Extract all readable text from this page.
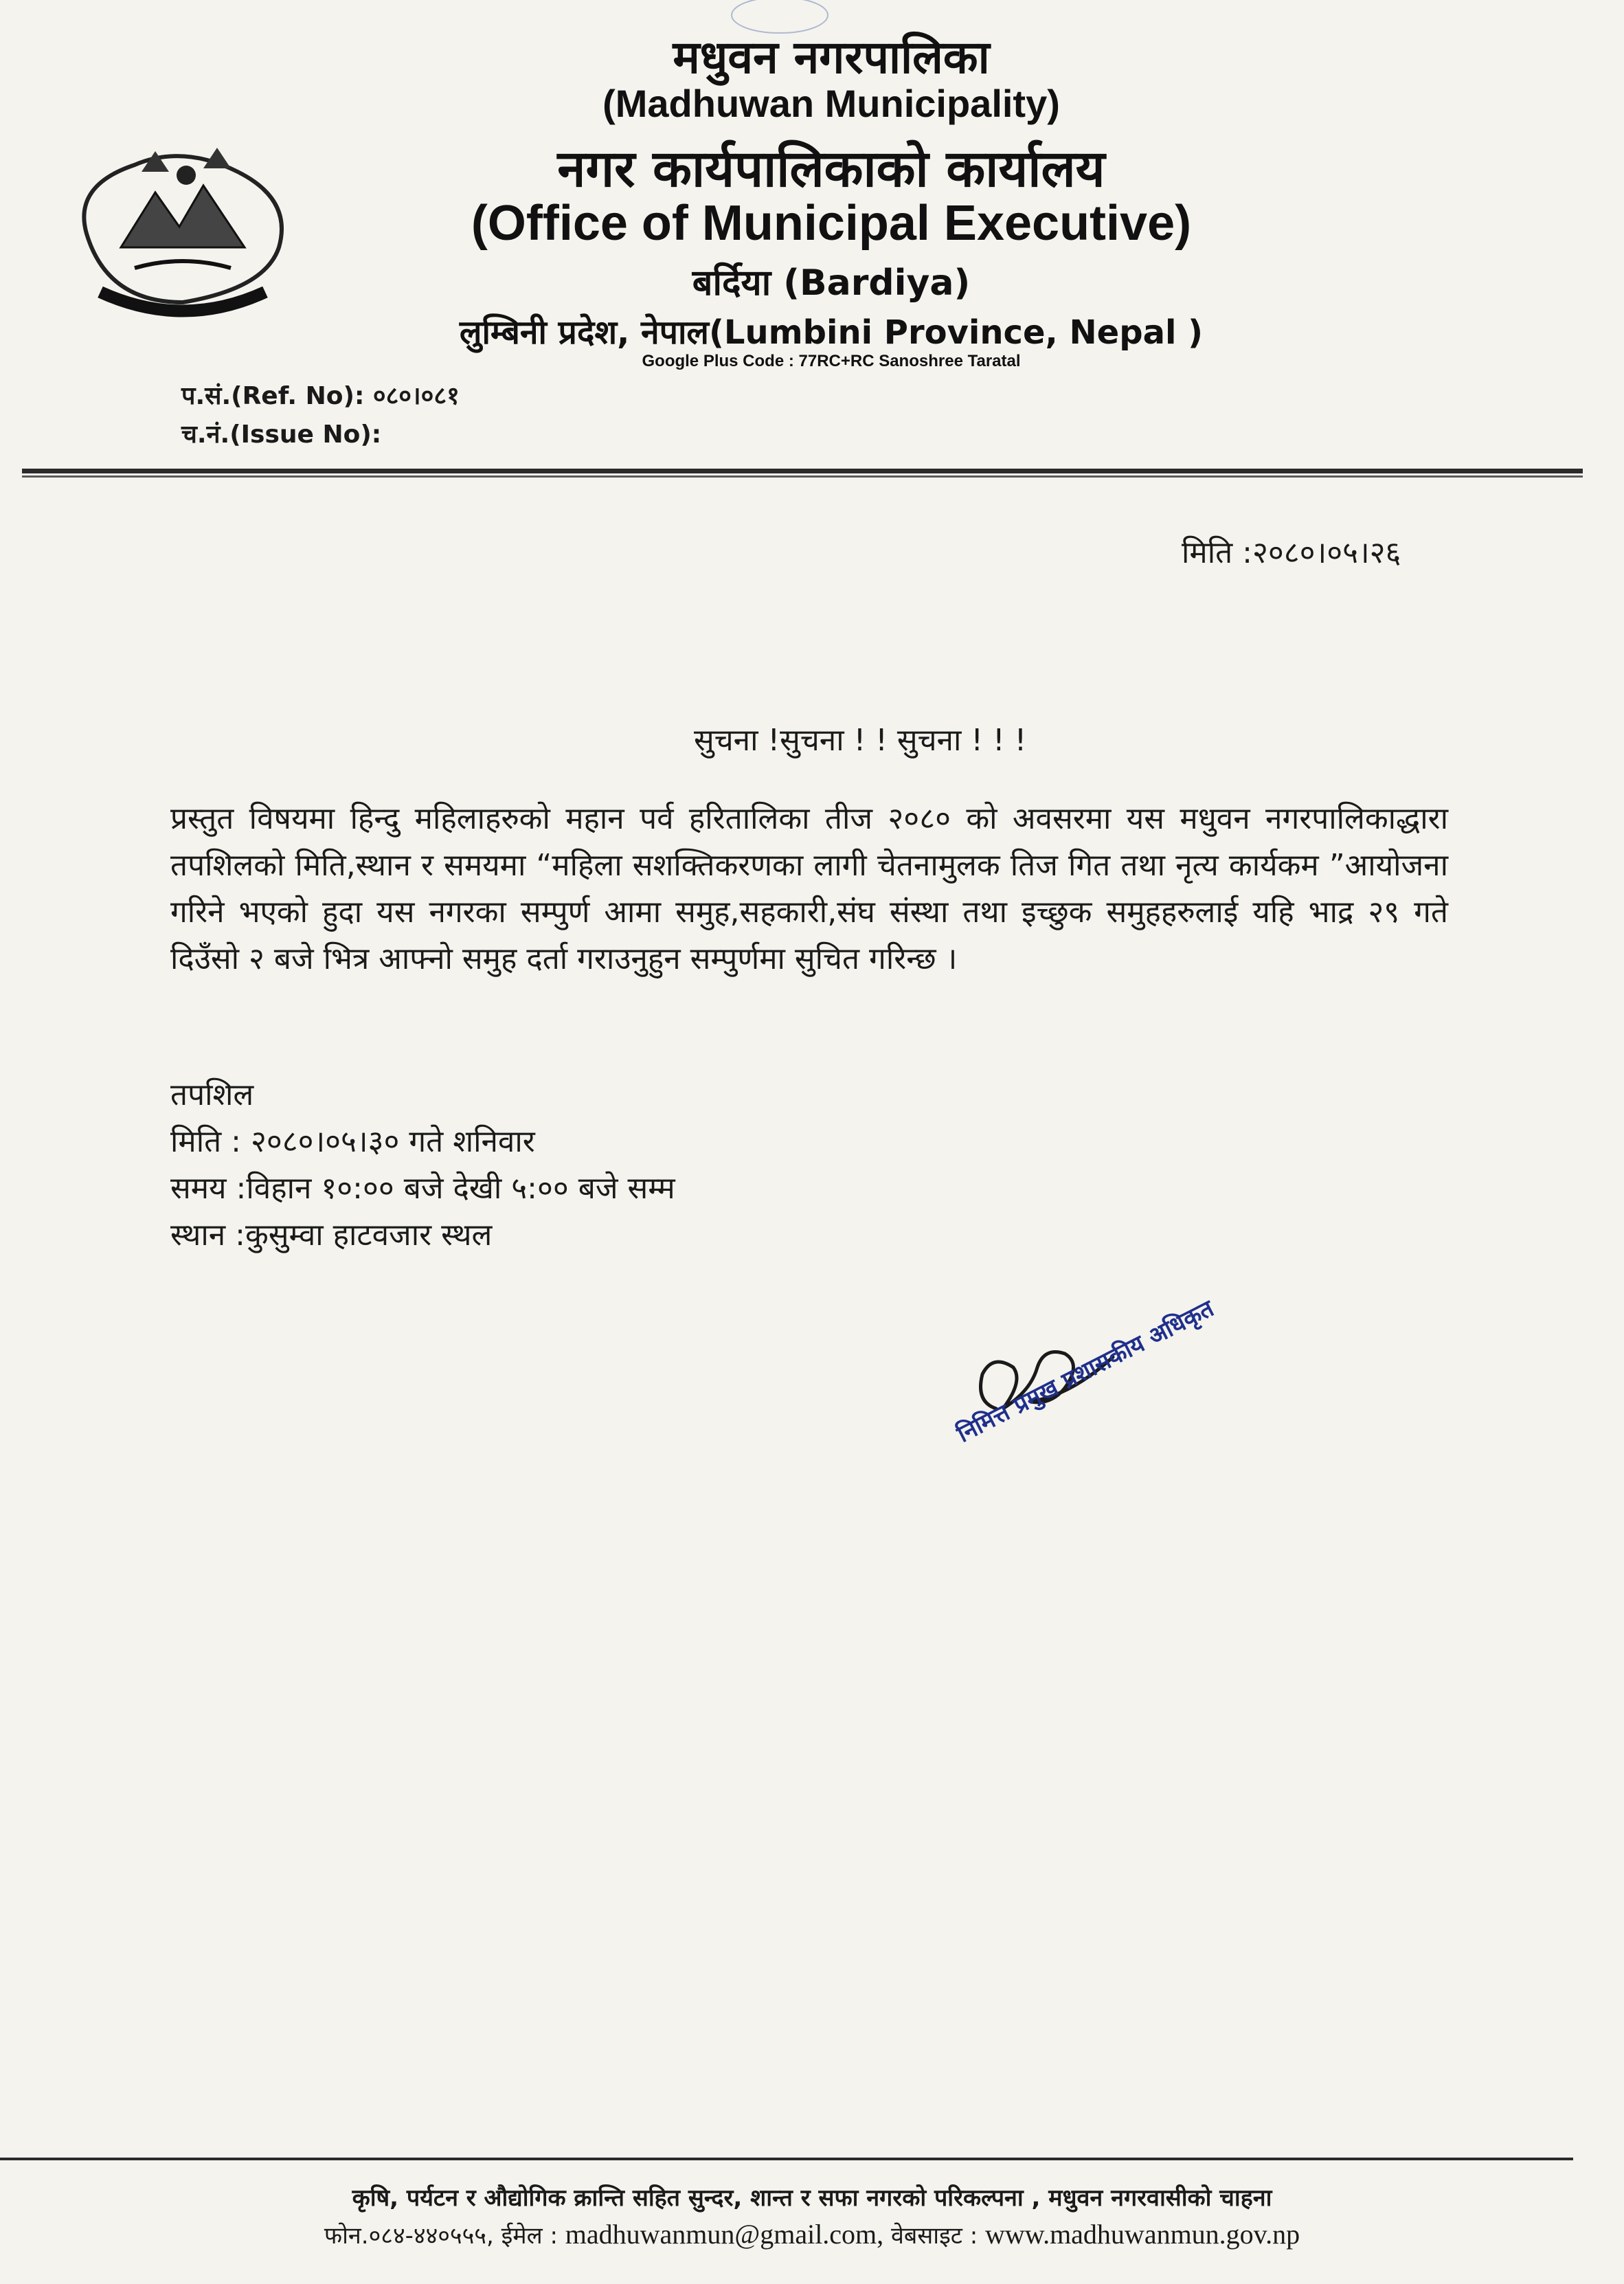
मधुवन नगरपालिका
(Madhuwan Municipality)
नगर कार्यपालिकाको कार्यालय
(Office of Municipal Executive)
बर्दिया (Bardiya)
लुम्बिनी प्रदेश, नेपाल(Lumbini Province, Nepal )
Google Plus Code : 77RC+RC Sanoshree Taratal
प.सं.(Ref. No): ०८०।०८१
च.नं.(Issue No):
मिति :२०८०।०५।२६
सुचना !सुचना ! ! सुचना ! ! !
प्रस्तुत विषयमा हिन्दु महिलाहरुको महान पर्व हरितालिका तीज २०८० को अवसरमा यस मधुवन नगरपालिकाद्धारा तपशिलको मिति,स्थान र समयमा “महिला सशक्तिकरणका लागी चेतनामुलक तिज गित तथा नृत्य कार्यकम ”आयोजना गरिने भएको हुदा यस नगरका सम्पुर्ण आमा समुह,सहकारी,संघ संस्था तथा इच्छुक समुहहरुलाई यहि भाद्र २९ गते दिउँसो २ बजे भित्र आफ्नो समुह दर्ता गराउनुहुन सम्पुर्णमा सुचित गरिन्छ ।
तपशिल
मिति : २०८०।०५।३० गते शनिवार
समय :विहान १०:०० बजे देखी ५:०० बजे सम्म
स्थान :कुसुम्वा हाटवजार स्थल
निमित्त प्रमुख प्रशासकीय अधिकृत
कृषि, पर्यटन र औद्योगिक क्रान्ति सहित सुन्दर, शान्त र सफा नगरको परिकल्पना , मधुवन नगरवासीको चाहना
फोन.०८४-४४०५५५, ईमेल : madhuwanmun@gmail.com, वेबसाइट : www.madhuwanmun.gov.np
